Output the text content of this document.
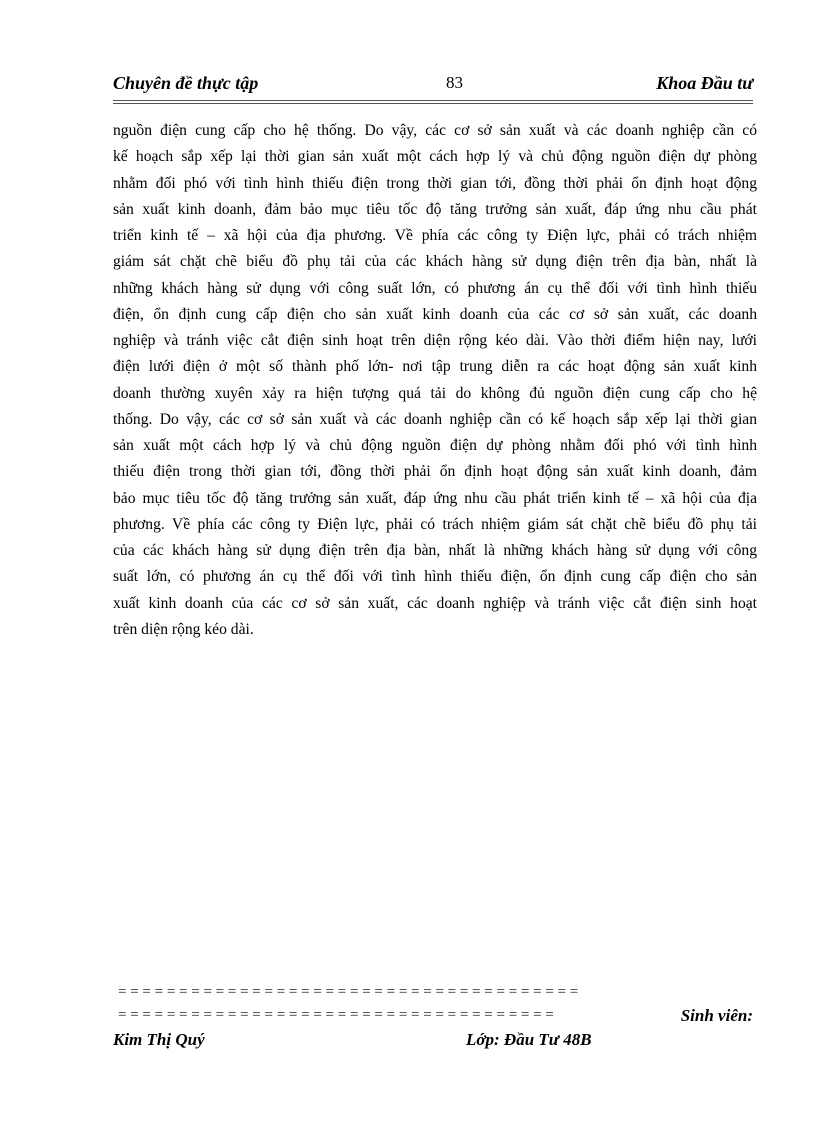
Chuyên đề thực tập	83	Khoa Đầu tư
nguồn điện cung cấp cho hệ thống. Do vậy, các cơ sở sản xuất và các doanh nghiệp cần có
kế hoạch sắp xếp lại thời gian sản xuất một cách hợp lý và chủ động nguồn điện dự phòng
nhằm đối phó với tình hình thiếu điện trong thời gian tới, đồng thời phải ổn định hoạt động
sản xuất kinh doanh, đảm bảo mục tiêu tốc độ tăng trưởng sản xuất, đáp ứng nhu cầu phát
triển kinh tế – xã hội của địa phương. Về phía các công ty Điện lực, phải có trách nhiệm
giám sát chặt chẽ biểu đồ phụ tải của các khách hàng sử dụng điện trên địa bàn, nhất là
những khách hàng sử dụng với công suất lớn, có phương án cụ thể đối với tình hình thiếu
điện, ổn định cung cấp điện cho sản xuất kinh doanh của các cơ sở sản xuất, các doanh
nghiệp và tránh việc cắt điện sinh hoạt trên diện rộng kéo dài. Vào thời điểm hiện nay, lưới
điện lưới điện ở một số thành phố lớn- nơi tập trung diễn ra các hoạt động sản xuất kinh
doanh thường xuyên xảy ra hiện tượng quá tải do không đủ nguồn điện cung cấp cho hệ
thống. Do vậy, các cơ sở sản xuất và các doanh nghiệp cần có kế hoạch sắp xếp lại thời gian
sản xuất một cách hợp lý và chủ động nguồn điện dự phòng nhằm đối phó với tình hình
thiếu điện trong thời gian tới, đồng thời phải ổn định hoạt động sản xuất kinh doanh, đảm
bảo mục tiêu tốc độ tăng trưởng sản xuất, đáp ứng nhu cầu phát triển kinh tế – xã hội của địa
phương. Về phía các công ty Điện lực, phải có trách nhiệm giám sát chặt chẽ biểu đồ phụ tải
của các khách hàng sử dụng điện trên địa bàn, nhất là những khách hàng sử dụng với công
suất lớn, có phương án cụ thể đối với tình hình thiếu điện, ổn định cung cấp điện cho sản
xuất kinh doanh của các cơ sở sản xuất, các doanh nghiệp và tránh việc cắt điện sinh hoạt
trên diện rộng kéo dài.
= = = = = = = = = = = = = = = = = = = = = = = = = = = = = = = = = = = = = =
= = = = = = = = = = = = = = = = = = = = = = = = = = = = = = = = = = = =	Sinh viên:
Kim Thị Quý	Lớp: Đầu Tư 48B
